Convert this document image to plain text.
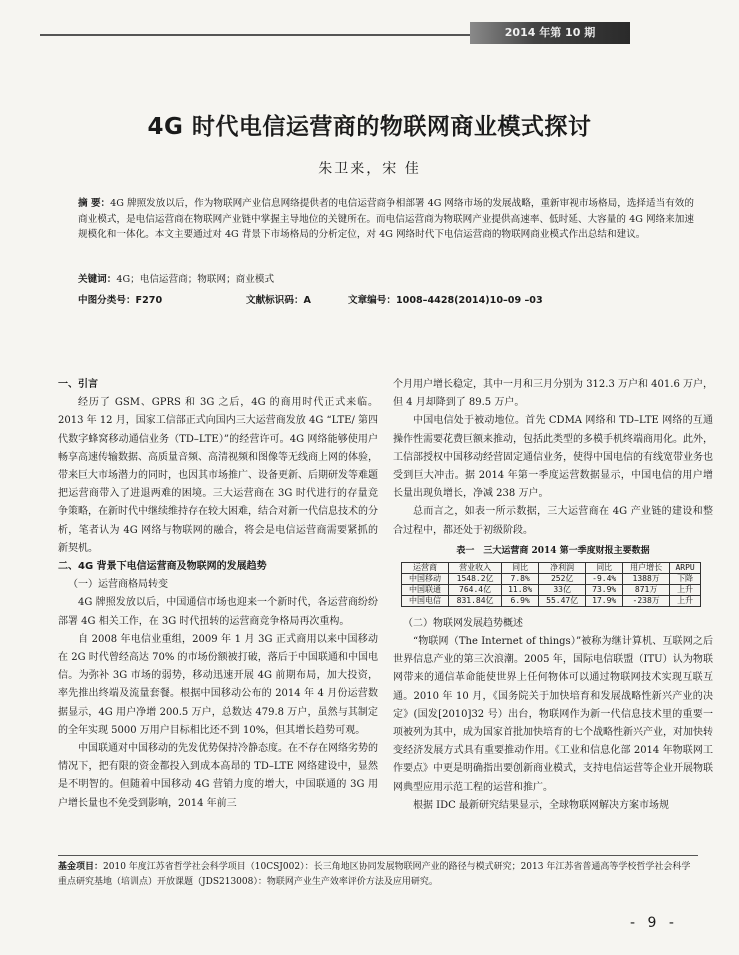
2014 年第 10 期
4G 时代电信运营商的物联网商业模式探讨
朱卫来，宋 佳
摘 要：4G 牌照发放以后，作为物联网产业信息网络提供者的电信运营商争相部署 4G 网络市场的发展战略，重新审视市场格局，选择适当有效的商业模式，是电信运营商在物联网产业链中掌握主导地位的关键所在。而电信运营商为物联网产业提供高速率、低时延、大容量的 4G 网络来加速规模化和一体化。本文主要通过对 4G 背景下市场格局的分析定位，对 4G 网络时代下电信运营商的物联网商业模式作出总结和建议。
关键词：4G；电信运营商；物联网；商业模式
中图分类号：F270	文献标识码：A	文章编号：1008–4428(2014)10–09 –03
一、引言

经历了 GSM、GPRS 和 3G 之后，4G 的商用时代正式来临。2013 年 12 月，国家工信部正式向国内三大运营商发放 4G “LTE/ 第四代数字蜂窝移动通信业务（TD–LTE）”的经营许可。4G 网络能够使用户畅享高速传输数据、高质量音频、高清视频和图像等无线商上网的体验，带来巨大市场潜力的同时，也因其市场推广、设备更新、后期研发等难题把运营商带入了进退两难的困境。三大运营商在 3G 时代进行的存量竞争策略，在新时代中继续维持存在较大困难，结合对新一代信息技术的分析，笔者认为 4G 网络与物联网的融合，将会是电信运营商需要紧抓的新契机。

二、4G 背景下电信运营商及物联网的发展趋势
（一）运营商格局转变

4G 牌照发放以后，中国通信市场也迎来一个新时代，各运营商纷纷部署 4G 相关工作，在 3G 时代扭转的运营商竞争格局再次重构。

自 2008 年电信业重组，2009 年 1 月 3G 正式商用以来中国移动在 2G 时代曾经高达 70% 的市场份额被打破，落后于中国联通和中国电信。为弥补 3G 市场的弱势，移动迅速开展 4G 前期布局，加大投资，率先推出终端及流量套餐。根据中国移动公布的 2014 年 4 月份运营数据显示，4G 用户净增 200.5 万户，总数达 479.8 万户，虽然与其制定的全年实现 5000 万用户目标相比还不到 10%，但其增长趋势可观。

中国联通对中国移动的先发优势保持冷静态度。在不存在网络劣势的情况下，把有限的资金都投入到成本高昂的 TD–LTE 网络建设中，显然是不明智的。但随着中国移动 4G 营销力度的增大，中国联通的 3G 用户增长量也不免受到影响，2014 年前三

个月用户增长稳定，其中一月和三月分别为 312.3 万户和 401.6 万户，但 4 月却降到了 89.5 万户。

中国电信处于被动地位。首先 CDMA 网络和 TD–LTE 网络的互通操作性需要花费巨额来推动，包括此类型的多模手机终端商用化。此外，工信部授权中国移动经营固定通信业务，使得中国电信的有线宽带业务也受到巨大冲击。据 2014 年第一季度运营数据显示，中国电信的用户增长量出现负增长，净减 238 万户。

总而言之，如表一所示数据，三大运营商在 4G 产业链的建设和整合过程中，都还处于初级阶段。

表一　三大运营商 2014 第一季度财报主要数据
运营商	营业收入	同比	净利润	同比	用户增长	ARPU
中国移动	1548.2亿	7.8%	252亿	-9.4%	1388万	下降
中国联通	764.4亿	11.8%	33亿	73.9%	871万	上升
中国电信	831.84亿	6.9%	55.47亿	17.9%	-238万	上升
（二）物联网发展趋势概述

“物联网（The Internet of things）”被称为继计算机、互联网之后世界信息产业的第三次浪潮。2005 年，国际电信联盟（ITU）认为物联网带来的通信革命能使世界上任何物体可以通过物联网技术实现互联互通。2010 年 10 月，《国务院关于加快培育和发展战略性新兴产业的决定》(国发[2010]32 号）出台，物联网作为新一代信息技术里的重要一项被列为其中，成为国家首批加快培育的七个战略性新兴产业，对加快转变经济发展方式具有重要推动作用。《工业和信息化部 2014 年物联网工作要点》中更是明确指出要创新商业模式，支持电信运营等企业开展物联网典型应用示范工程的运营和推广。

根据 IDC 最新研究结果显示，全球物联网解决方案市场规

基金项目：2010 年度江苏省哲学社会科学项目（10CSJ002）：长三角地区协同发展物联网产业的路径与模式研究；2013 年江苏省普通高等学校哲学社会科学重点研究基地（培训点）开放课题（JDS213008）：物联网产业生产效率评价方法及应用研究。
- 9 -
